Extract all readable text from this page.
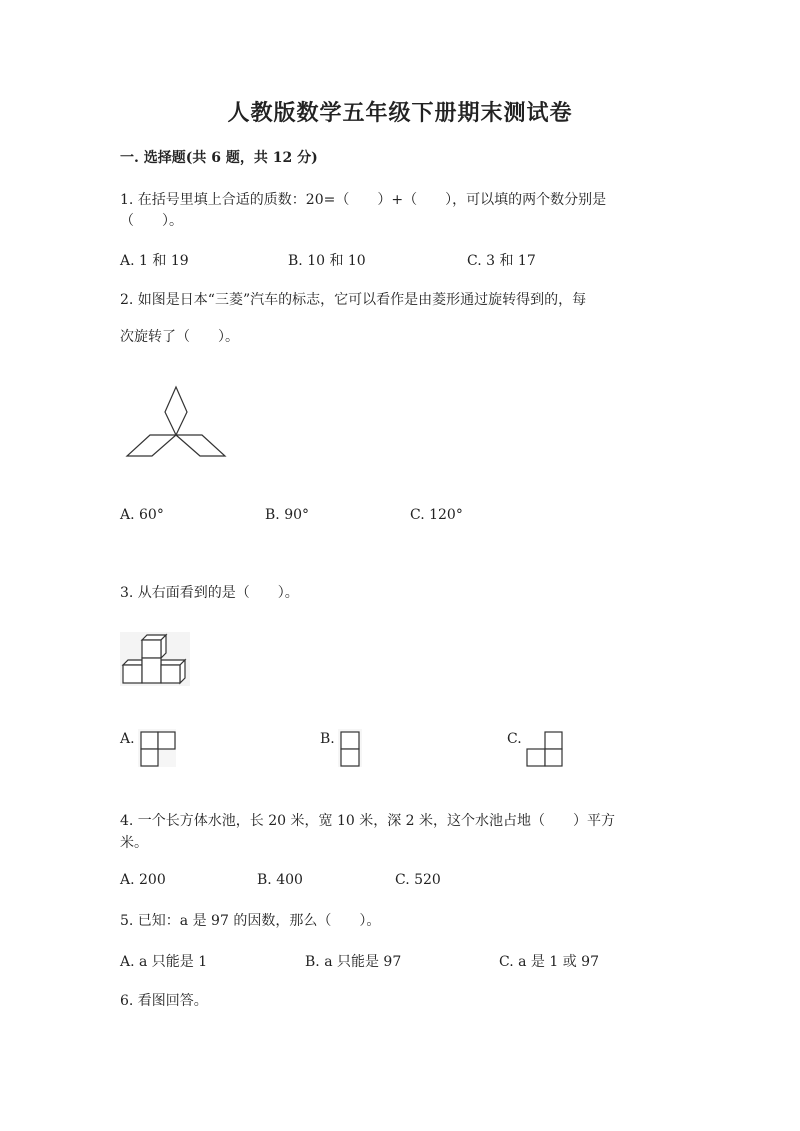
人教版数学五年级下册期末测试卷
一. 选择题(共 6 题，共 12 分)
1. 在括号里填上合适的质数：20=（　　）+（　　），可以填的两个数分别是
（　　）。
A. 1 和 19	B. 10 和 10	C. 3 和 17
2. 如图是日本“三菱”汽车的标志，它可以看作是由菱形通过旋转得到的，每
次旋转了（　　）。
A. 60°	B. 90°	C. 120°
3. 从右面看到的是（　　）。
A.	B.	C.
4. 一个长方体水池，长 20 米，宽 10 米，深 2 米，这个水池占地（　　）平方
米。
A. 200	B. 400	C. 520
5. 已知：a 是 97 的因数，那么（　　）。
A. a 只能是 1	B. a 只能是 97	C. a 是 1 或 97
6. 看图回答。
